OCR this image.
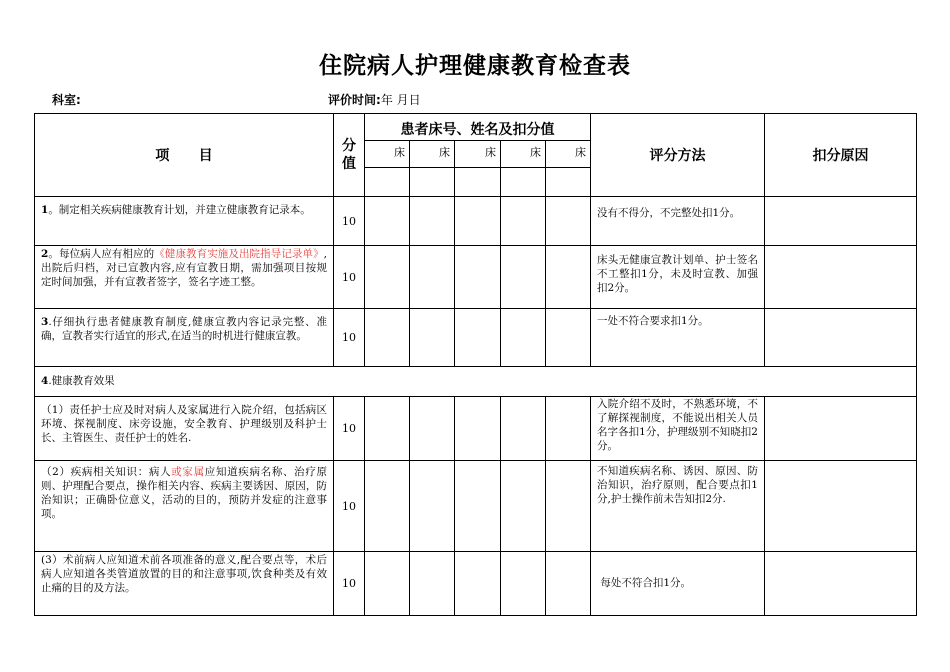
住院病人护理健康教育检查表
科室:	评价时间:年 月日
项      目	分值	患者床号、姓名及扣分值					评分方法	扣分原因
		床	床	床	床	床		

1。制定相关疾病健康教育计划，并建立健康教育记录本。	10						没有不得分，不完整处扣1分。	
2。每位病人应有相应的《健康教育实施及出院指导记录单》,出院后归档，对已宣教内容,应有宣教日期，需加强项目按规定时间加强，并有宣教者签字，签名字迹工整。	10						床头无健康宣教计划单、护士签名不工整扣1分，未及时宣教、加强扣2分。	
3.仔细执行患者健康教育制度,健康宣教内容记录完整、准确，宣教者实行适宜的形式,在适当的时机进行健康宣教。	10						一处不符合要求扣1分。	
4.健康教育效果								
（1）责任护士应及时对病人及家属进行入院介绍，包括病区环境、探视制度、床旁设施，安全教育、护理级别及科护士长、主管医生、责任护士的姓名.	10						入院介绍不及时，不熟悉环境，不了解探视制度，不能说出相关人员名字各扣1分，护理级别不知晓扣2分。	
（2）疾病相关知识：病人或家属应知道疾病名称、治疗原则、护理配合要点，操作相关内容、疾病主要诱因、原因，防治知识；正确卧位意义，活动的目的，预防并发症的注意事项。	10						不知道疾病名称、诱因、原因、防治知识，治疗原则，配合要点扣1分,护士操作前未告知扣2分.	
(3）术前病人应知道术前各项准备的意义,配合要点等，术后病人应知道各类管道放置的目的和注意事项,饮食种类及有效止痛的目的及方法。	10						每处不符合扣1分。	
